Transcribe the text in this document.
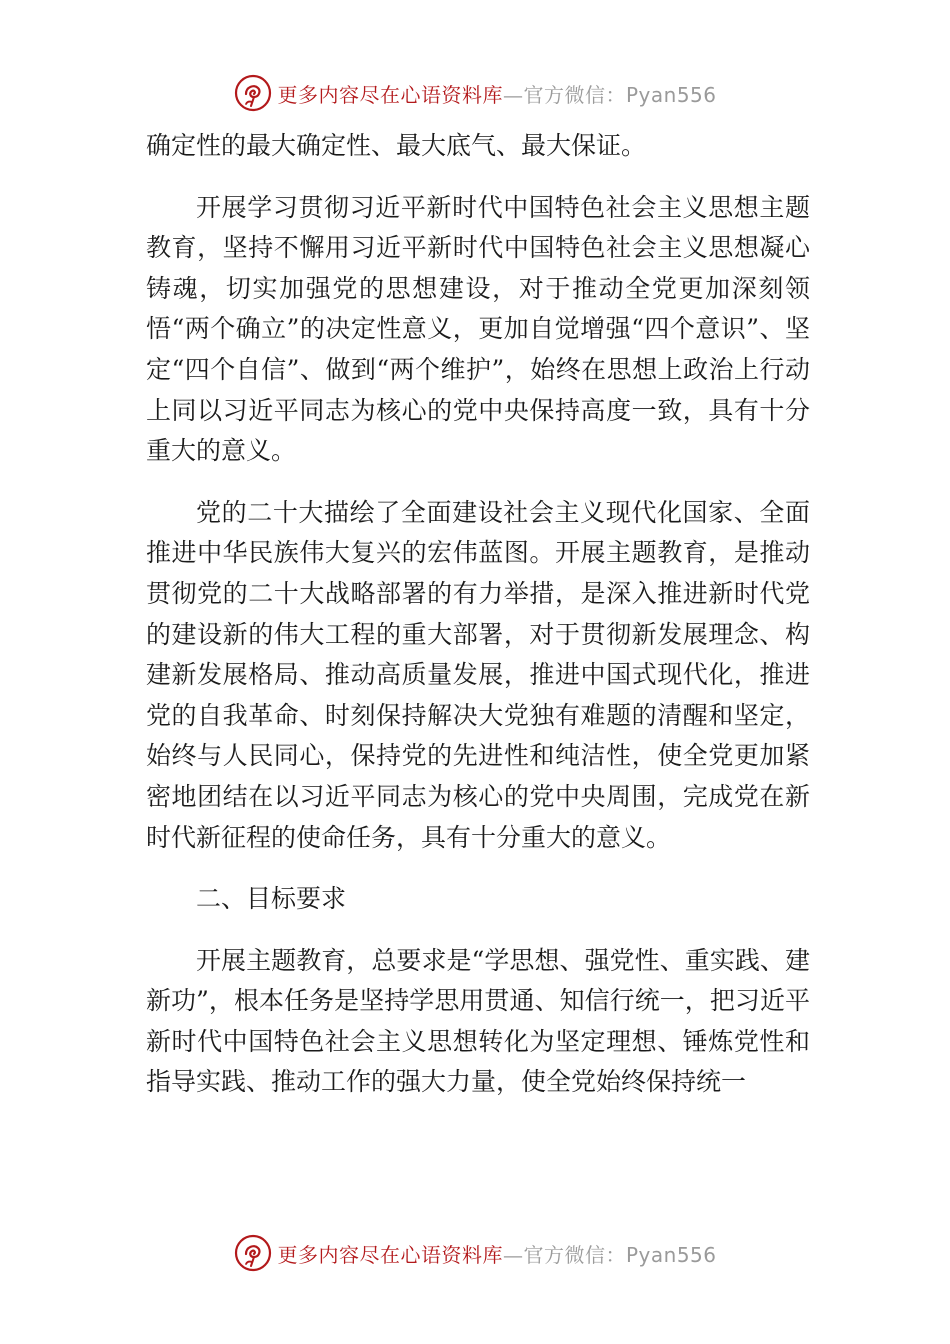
更多内容尽在心语资料库—官方微信：Pyan556

确定性的最大确定性、最大底气、最大保证。

开展学习贯彻习近平新时代中国特色社会主义思想主题教育，坚持不懈用习近平新时代中国特色社会主义思想凝心铸魂，切实加强党的思想建设，对于推动全党更加深刻领悟“两个确立”的决定性意义，更加自觉增强“四个意识”、坚定“四个自信”、做到“两个维护”，始终在思想上政治上行动上同以习近平同志为核心的党中央保持高度一致，具有十分重大的意义。

党的二十大描绘了全面建设社会主义现代化国家、全面推进中华民族伟大复兴的宏伟蓝图。开展主题教育，是推动贯彻党的二十大战略部署的有力举措，是深入推进新时代党的建设新的伟大工程的重大部署，对于贯彻新发展理念、构建新发展格局、推动高质量发展，推进中国式现代化，推进党的自我革命、时刻保持解决大党独有难题的清醒和坚定，始终与人民同心，保持党的先进性和纯洁性，使全党更加紧密地团结在以习近平同志为核心的党中央周围，完成党在新时代新征程的使命任务，具有十分重大的意义。

二、目标要求

开展主题教育，总要求是“学思想、强党性、重实践、建新功”，根本任务是坚持学思用贯通、知信行统一，把习近平新时代中国特色社会主义思想转化为坚定理想、锤炼党性和指导实践、推动工作的强大力量，使全党始终保持统一

更多内容尽在心语资料库—官方微信：Pyan556
